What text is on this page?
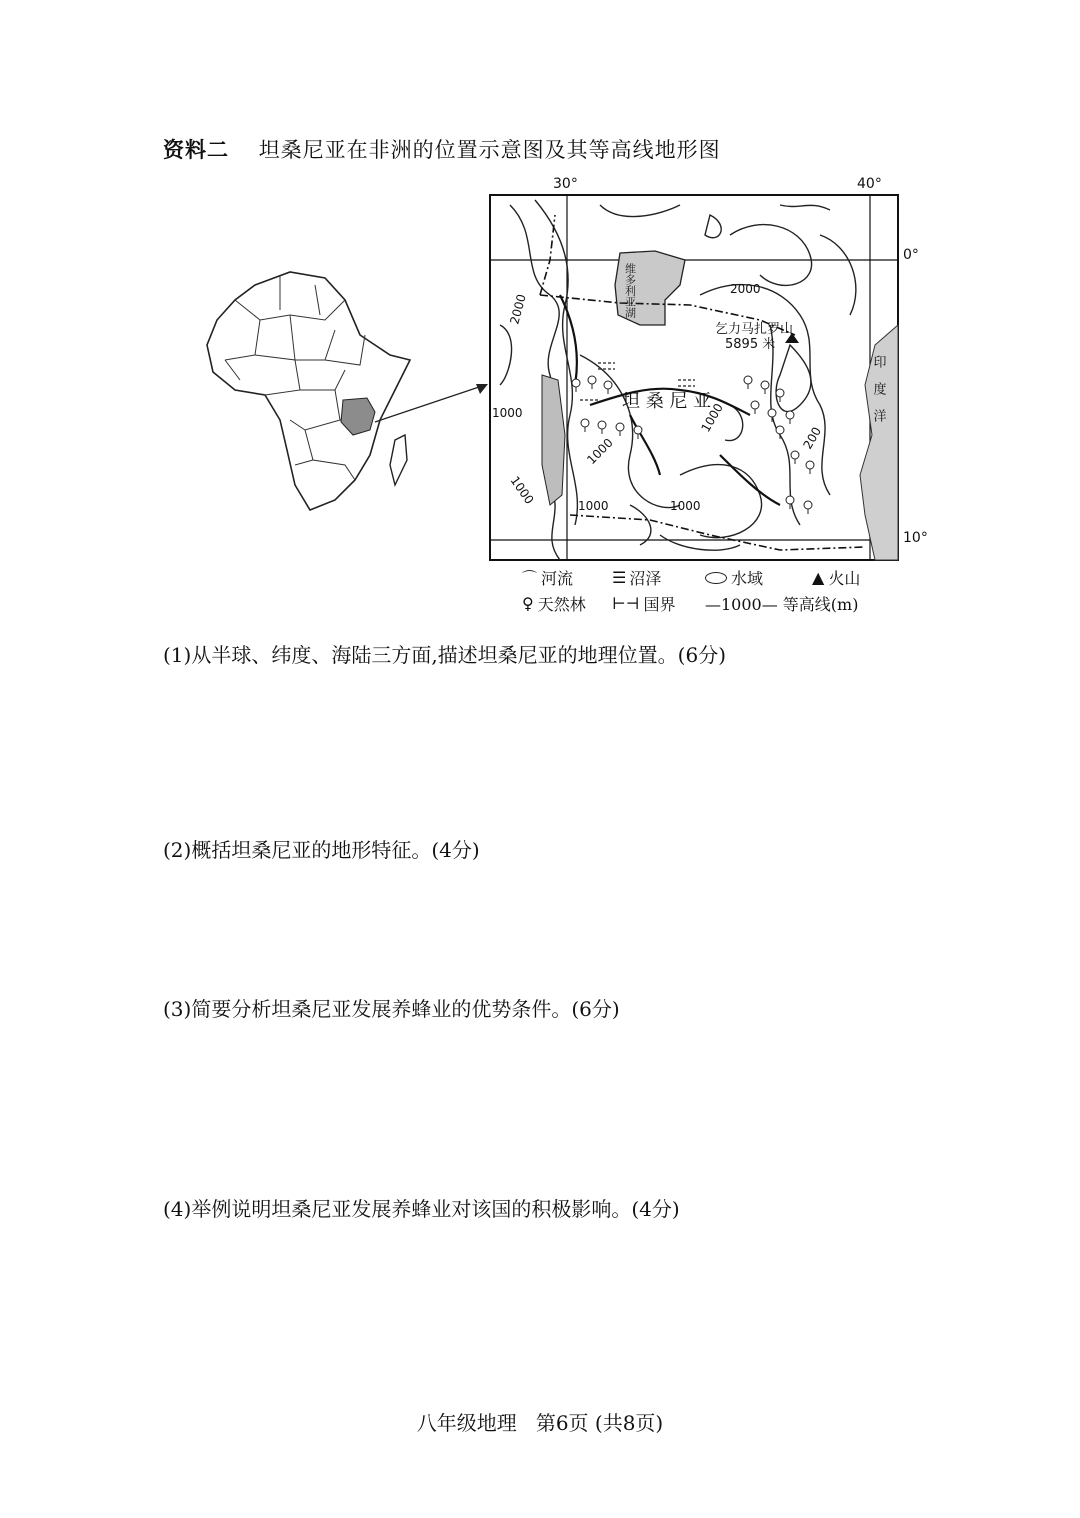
资料二 坦桑尼亚在非洲的位置示意图及其等高线地形图
维多利亚湖
乞力马扎罗山
5895 米
坦 桑 尼 亚	印度洋
2000
2000
1000
1000	1000	1000
1000
1000	200
30°	40°
0°
10°
⌒ 河流 ☰ 沼泽	水域	▲ 火山
♀ 天然林 ⊢⊣ 国界 —1000— 等高线(m)
(1)从半球、纬度、海陆三方面,描述坦桑尼亚的地理位置。(6分)
(2)概括坦桑尼亚的地形特征。(4分)
(3)简要分析坦桑尼亚发展养蜂业的优势条件。(6分)
(4)举例说明坦桑尼亚发展养蜂业对该国的积极影响。(4分)
八年级地理   第6页 (共8页)
